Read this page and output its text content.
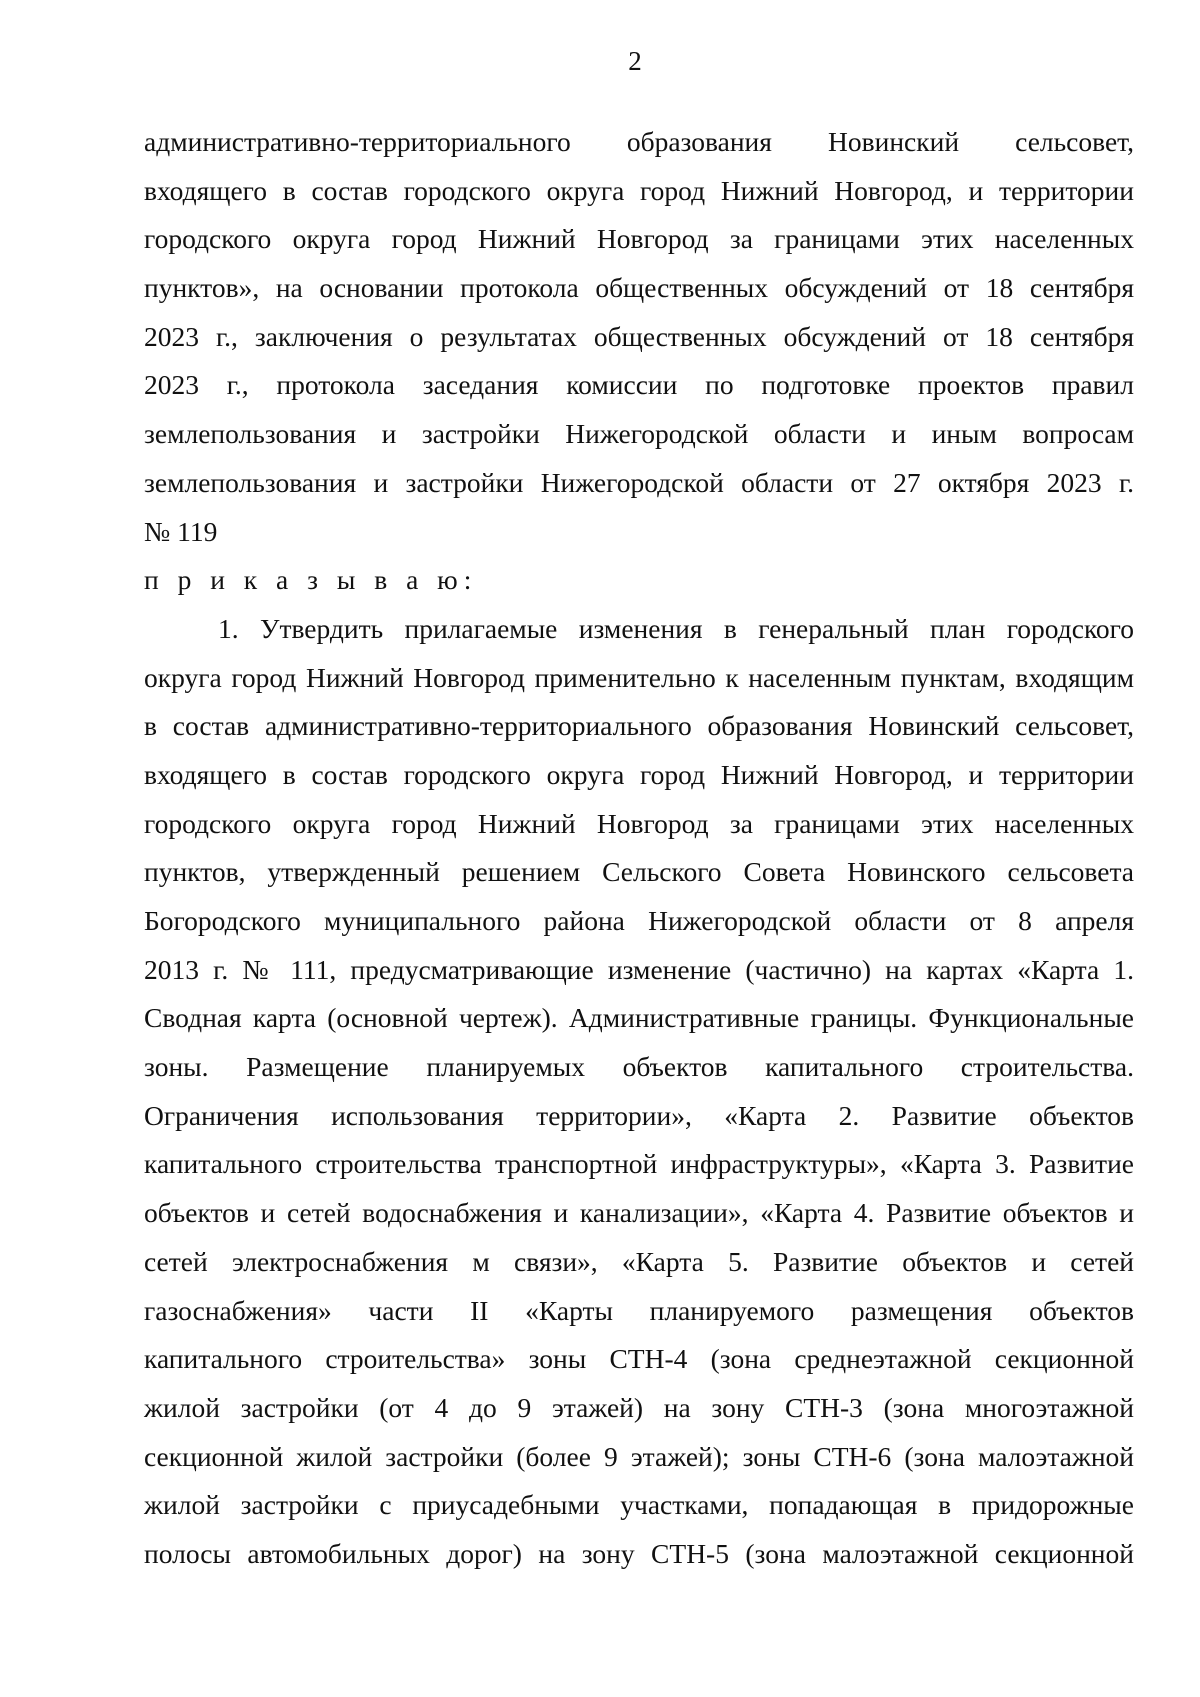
2
административно-территориального образования Новинский сельсовет,
входящего в состав городского округа город Нижний Новгород, и территории
городского округа город Нижний Новгород за границами этих населенных
пунктов», на основании протокола общественных обсуждений от 18 сентября
2023 г., заключения о результатах общественных обсуждений от 18 сентября
2023 г., протокола заседания комиссии по подготовке проектов правил
землепользования и застройки Нижегородской области и иным вопросам
землепользования и застройки Нижегородской области от 27 октября 2023 г.
№ 119
п р и к а з ы в а ю:
1. Утвердить прилагаемые изменения в генеральный план городского
округа город Нижний Новгород применительно к населенным пунктам, входящим
в состав административно-территориального образования Новинский сельсовет,
входящего в состав городского округа город Нижний Новгород, и территории
городского округа город Нижний Новгород за границами этих населенных
пунктов, утвержденный решением Сельского Совета Новинского сельсовета
Богородского муниципального района Нижегородской области от 8 апреля
2013 г. № 111, предусматривающие изменение (частично) на картах «Карта 1.
Сводная карта (основной чертеж). Административные границы. Функциональные
зоны. Размещение планируемых объектов капитального строительства.
Ограничения использования территории», «Карта 2. Развитие объектов
капитального строительства транспортной инфраструктуры», «Карта 3. Развитие
объектов и сетей водоснабжения и канализации», «Карта 4. Развитие объектов и
сетей электроснабжения м связи», «Карта 5. Развитие объектов и сетей
газоснабжения» части II «Карты планируемого размещения объектов
капитального строительства» зоны СТН-4 (зона среднеэтажной секционной
жилой застройки (от 4 до 9 этажей) на зону СТН-3 (зона многоэтажной
секционной жилой застройки (более 9 этажей); зоны СТН-6 (зона малоэтажной
жилой застройки с приусадебными участками, попадающая в придорожные
полосы автомобильных дорог) на зону СТН-5 (зона малоэтажной секционной
